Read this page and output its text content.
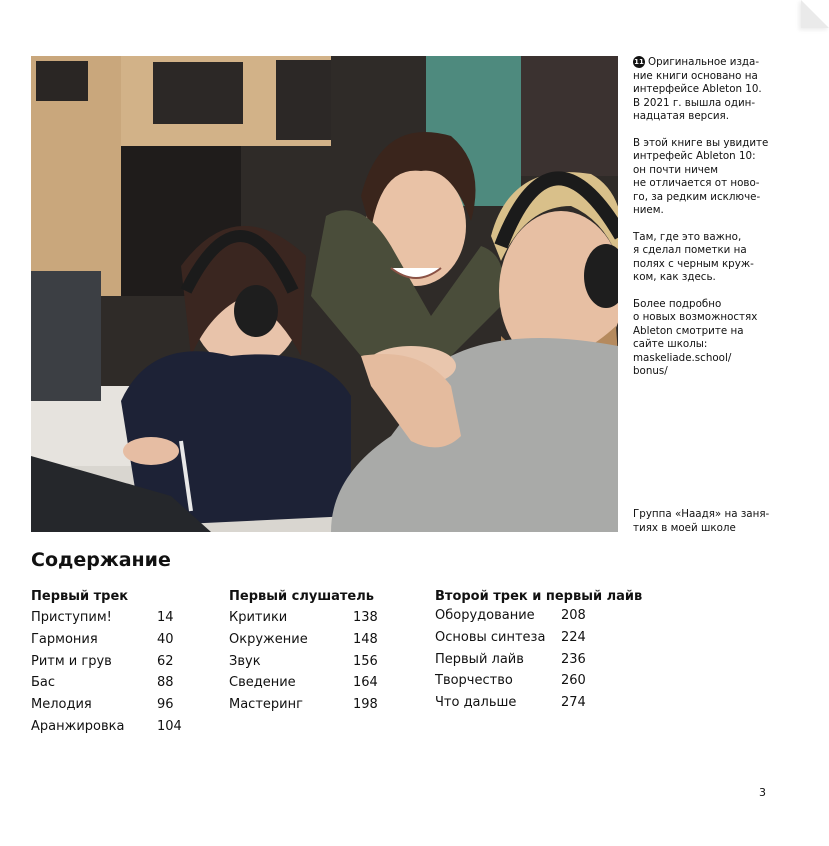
11 Оригинальное изда-
ние книги основано на
интерфейсе Ableton 10.
В 2021 г. вышла один-
надцатая версия.

В этой книге вы увидите
интрефейс Ableton 10:
он почти ничем
не отличается от ново-
го, за редким исключе-
нием.

Там, где это важно,
я сделал пометки на
полях с черным круж-
ком, как здесь.

Более подробно
о новых возможностях
Ableton смотрите на
сайте школы:
maskeliade.school/
bonus/

Группа «Наадя» на заня-
тиях в моей школе
Содержание
Первый трек
Приступим!	14
Гармония	40
Ритм и грув	62
Бас	88
Мелодия	96
Аранжировка	104
Первый слушатель
Критики	138
Окружение	148
Звук	156
Сведение	164
Мастеринг	198
Второй трек и первый лайв
Оборудование 208
Основы синтеза 224
Первый лайв	236
Творчество	260
Что дальше	274
3
